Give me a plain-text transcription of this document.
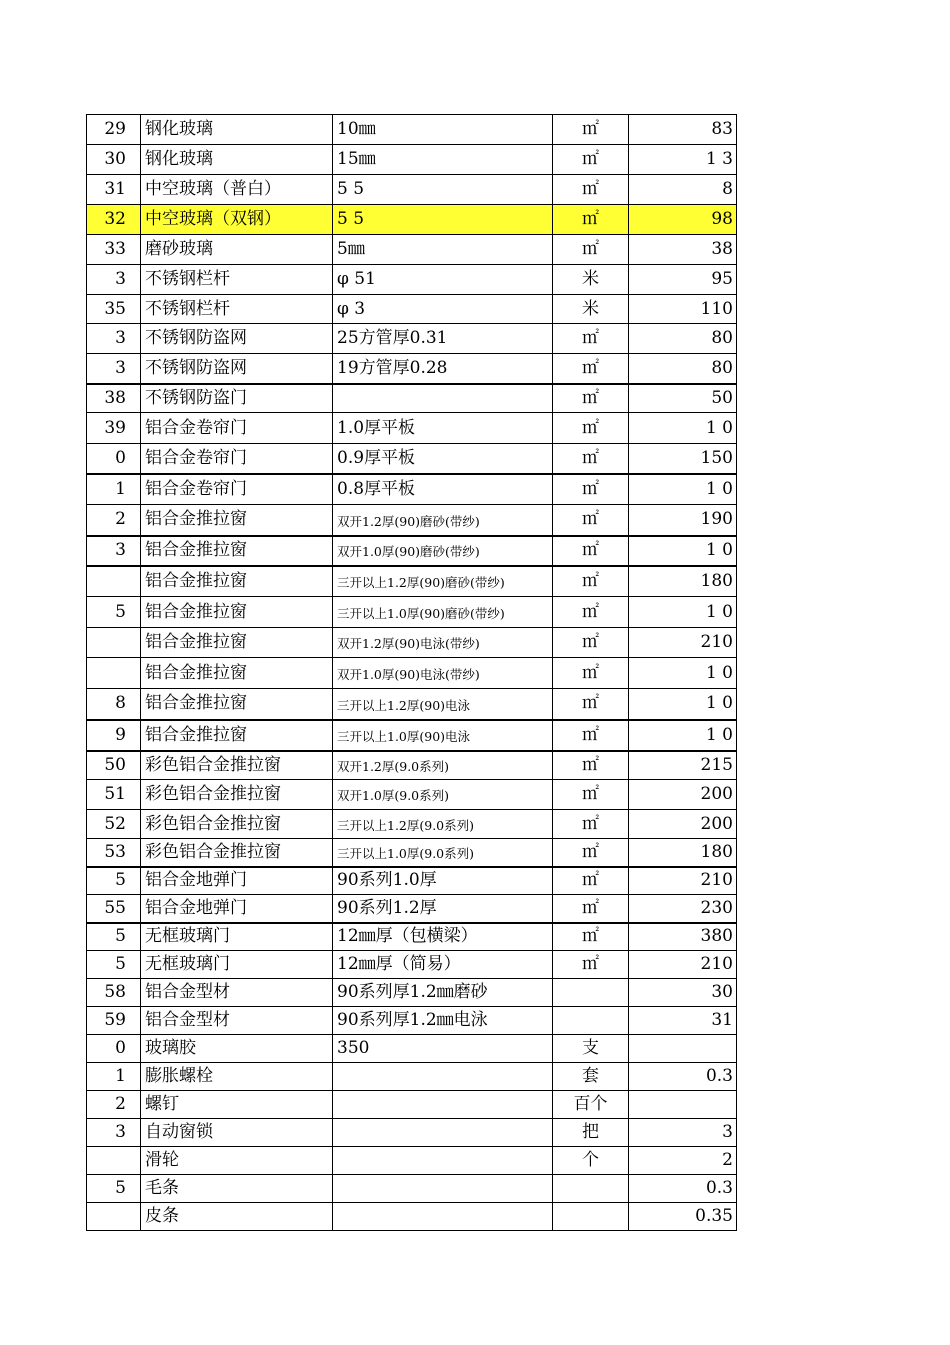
29	钢化玻璃	10㎜	㎡	83
30	钢化玻璃	15㎜	㎡	1 3
31	中空玻璃（普白）	5 5	㎡	8
32	中空玻璃（双钢）	5 5	㎡	98
33	磨砂玻璃	5㎜	㎡	38
3	不锈钢栏杆	φ 51	米	95
35	不锈钢栏杆	φ 3	米	110
3	不锈钢防盗网	25方管厚0.31	㎡	80
3	不锈钢防盗网	19方管厚0.28	㎡	80
38	不锈钢防盗门		㎡	50
39	铝合金卷帘门	1.0厚平板	㎡	1 0
0	铝合金卷帘门	0.9厚平板	㎡	150
1	铝合金卷帘门	0.8厚平板	㎡	1 0
2	铝合金推拉窗	双开1.2厚(90)磨砂(带纱)	㎡	190
3	铝合金推拉窗	双开1.0厚(90)磨砂(带纱)	㎡	1 0
	铝合金推拉窗	三开以上1.2厚(90)磨砂(带纱)	㎡	180
5	铝合金推拉窗	三开以上1.0厚(90)磨砂(带纱)	㎡	1 0
	铝合金推拉窗	双开1.2厚(90)电泳(带纱)	㎡	210
	铝合金推拉窗	双开1.0厚(90)电泳(带纱)	㎡	1 0
8	铝合金推拉窗	三开以上1.2厚(90)电泳	㎡	1 0
9	铝合金推拉窗	三开以上1.0厚(90)电泳	㎡	1 0
50	彩色铝合金推拉窗	双开1.2厚(9.0系列)	㎡	215
51	彩色铝合金推拉窗	双开1.0厚(9.0系列)	㎡	200
52	彩色铝合金推拉窗	三开以上1.2厚(9.0系列)	㎡	200
53	彩色铝合金推拉窗	三开以上1.0厚(9.0系列)	㎡	180
5	铝合金地弹门	90系列1.0厚	㎡	210
55	铝合金地弹门	90系列1.2厚	㎡	230
5	无框玻璃门	12㎜厚（包横梁）	㎡	380
5	无框玻璃门	12㎜厚（简易）	㎡	210
58	铝合金型材	90系列厚1.2㎜磨砂		30
59	铝合金型材	90系列厚1.2㎜电泳		31
0	玻璃胶	350	支	
1	膨胀螺栓		套	0.3
2	螺钉		百个	
3	自动窗锁		把	3
	滑轮		个	2
5	毛条			0.3
	皮条			0.35
